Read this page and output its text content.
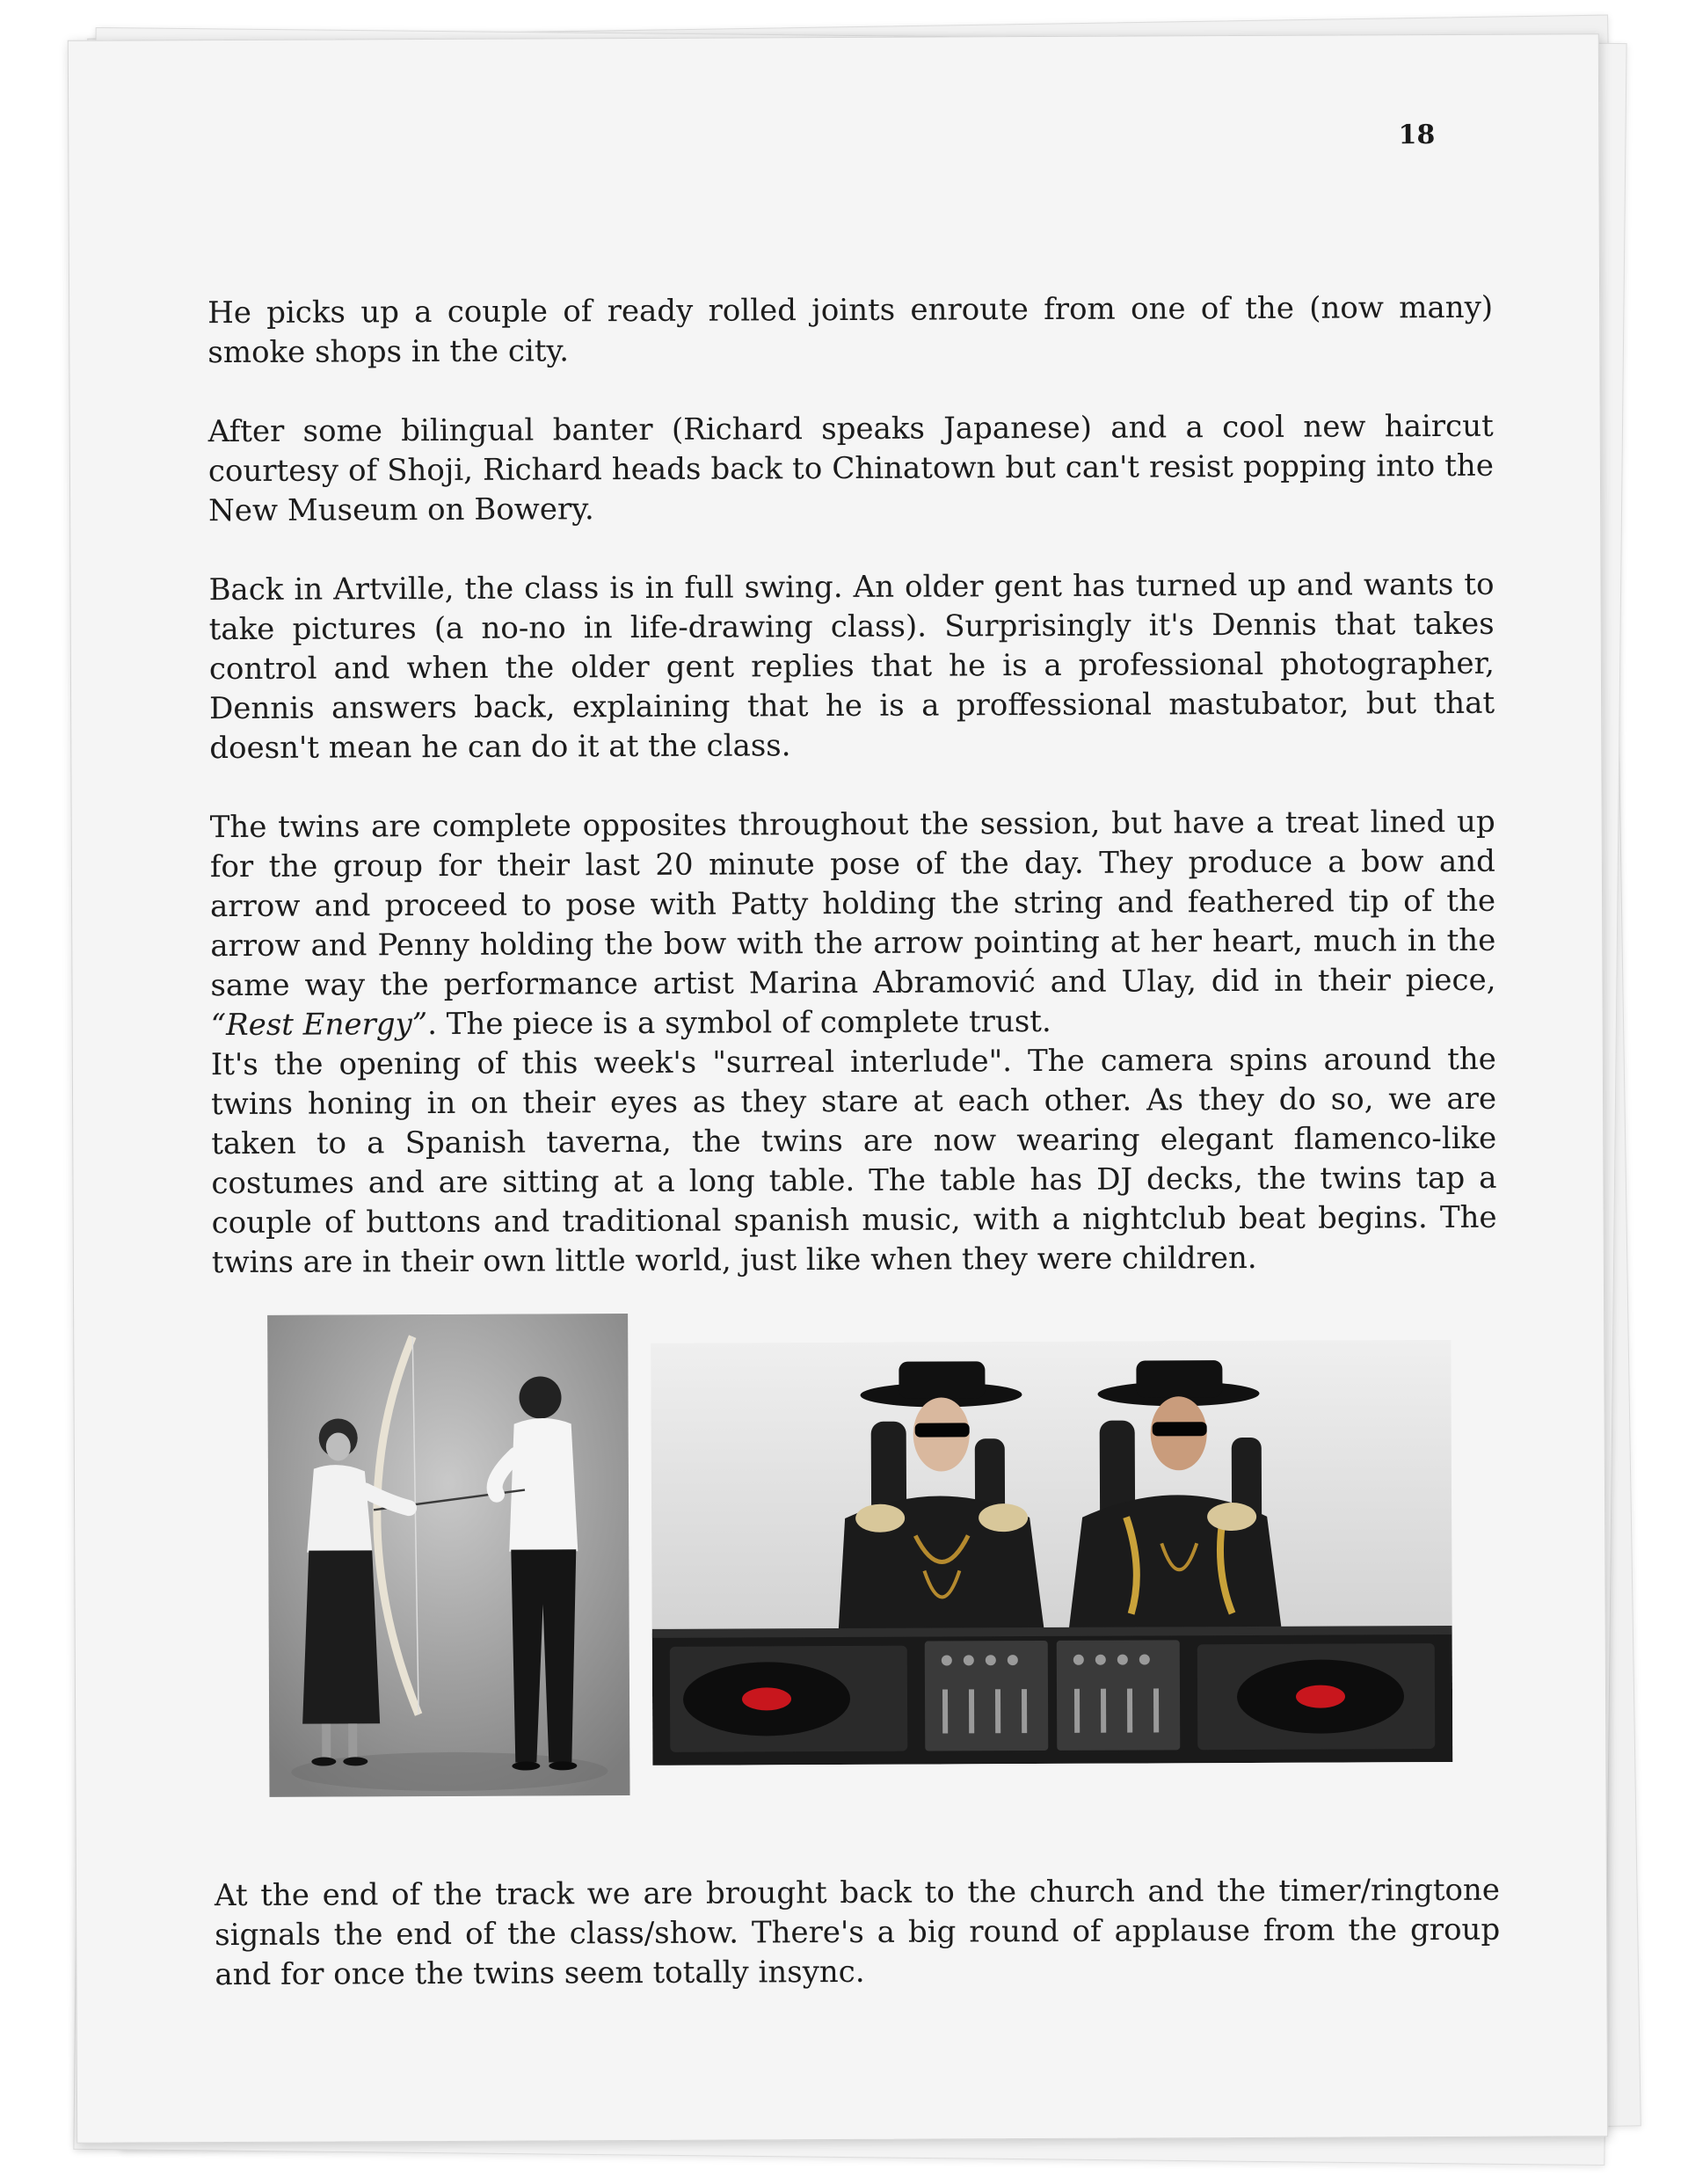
18

He picks up a couple of ready rolled joints enroute from one of the (now many) smoke shops in the city.

After some bilingual banter (Richard speaks Japanese) and a cool new haircut courtesy of Shoji, Richard heads back to Chinatown but can't resist popping into the New Museum on Bowery.

Back in Artville, the class is in full swing. An older gent has turned up and wants to take pictures (a no-no in life-drawing class). Surprisingly it's Dennis that takes control and when the older gent replies that he is a professional photographer, Dennis answers back, explaining that he is a proffessional mastubator, but that doesn't mean he can do it at the class.

The twins are complete opposites throughout the session, but have a treat lined up for the group for their last 20 minute pose of the day. They produce a bow and arrow and proceed to pose with Patty holding the string and feathered tip of the arrow and Penny holding the bow with the arrow pointing at her heart, much in the same way the performance artist Marina Abramović and Ulay, did in their piece, “Rest Energy”. The piece is a symbol of complete trust.

It's the opening of this week's "surreal interlude". The camera spins around the twins honing in on their eyes as they stare at each other. As they do so, we are taken to a Spanish taverna, the twins are now wearing elegant flamenco-like costumes and are sitting at a long table. The table has DJ decks, the twins tap a couple of buttons and traditional spanish music, with a nightclub beat begins. The twins are in their own little world, just like when they were children.

At the end of the track we are brought back to the church and the timer/ringtone signals the end of the class/show. There's a big round of applause from the group and for once the twins seem totally insync.
